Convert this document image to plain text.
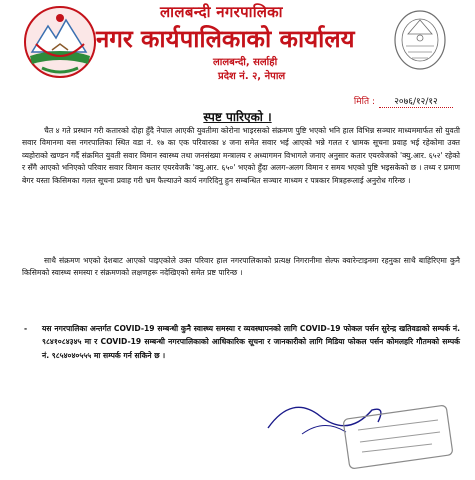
लालबन्दी नगरपालिका
नगर कार्यपालिकाको कार्यालय
लालबन्दी, सर्लाही
प्रदेश नं. २, नेपाल
मिति : २०७६/१२/१२
स्पष्ट पारिएको ।
चैत ४ गते प्रस्थान गरी कतारको दोहा हुँदै नेपाल आएकी युवतीमा कोरोना भाइरसको संक्रमण पुष्टि भएको भनि हाल विभिन्न सञ्चार माध्यममार्फत सो युवती सवार विमानमा यस नगरपालिका स्थित वडा नं. १७ का एक परिवारका ४ जना समेत सवार भई आएको भन्ने गलत र भ्रामक सूचना प्रवाह भई रहेकोमा उक्त व्यहोराको खण्डन गर्दै संक्रमित युवती सवार विमान स्वास्थ्य तथा जनसंख्या मन्त्रालय र अध्यागमन विभागले जनाए अनुसार कतार एयरवेजको 'क्यु.आर. ६५२' रहेको र सँगै आएको भनिएको परिवार सवार विमान कतार एयरवेजकै 'क्यु.आर. ६५०' भएको हुँदा अलग-अलग विमान र समय भएको पुष्टि भइसकेको छ । तथ्य र प्रमाण बेगर यस्ता किसिमका गलत सूचना प्रवाह गरी भ्रम फैल्याउने कार्य नगरिदिनु हुन सम्बन्धित सञ्चार माध्यम र पत्रकार मित्रहरूलाई अनुरोध गरिन्छ ।
साथै संक्रमण भएको देशबाट आएको पाइएकोले उक्त परिवार हाल नगरपालिकाको प्रत्यक्ष निगरानीमा सेल्फ क्वारेन्टाइनमा रहनुका साथै बाहिरिएमा कुनै किसिमको स्वास्थ्य समस्या र संक्रमणको लक्षणहरू नदेखिएको समेत प्रष्ट पारिन्छ ।
-	यस नगरपालिका अन्तर्गत COVID-19 सम्बन्धी कुनै स्वास्थ्य समस्या र व्यवस्थापनको लागि COVID-19 फोकल पर्सन सुरेन्द्र खतिवडाको सम्पर्क नं. ९८४१०८४३४५ मा र COVID-19 सम्बन्धी नगरपालिकाको आधिकारिक सूचना र जानकारीको लागि मिडिया फोकल पर्सन कोमलहरि गौतमको सम्पर्क नं. ९८५४०४०५५५ मा सम्पर्क गर्न सकिने छ ।
